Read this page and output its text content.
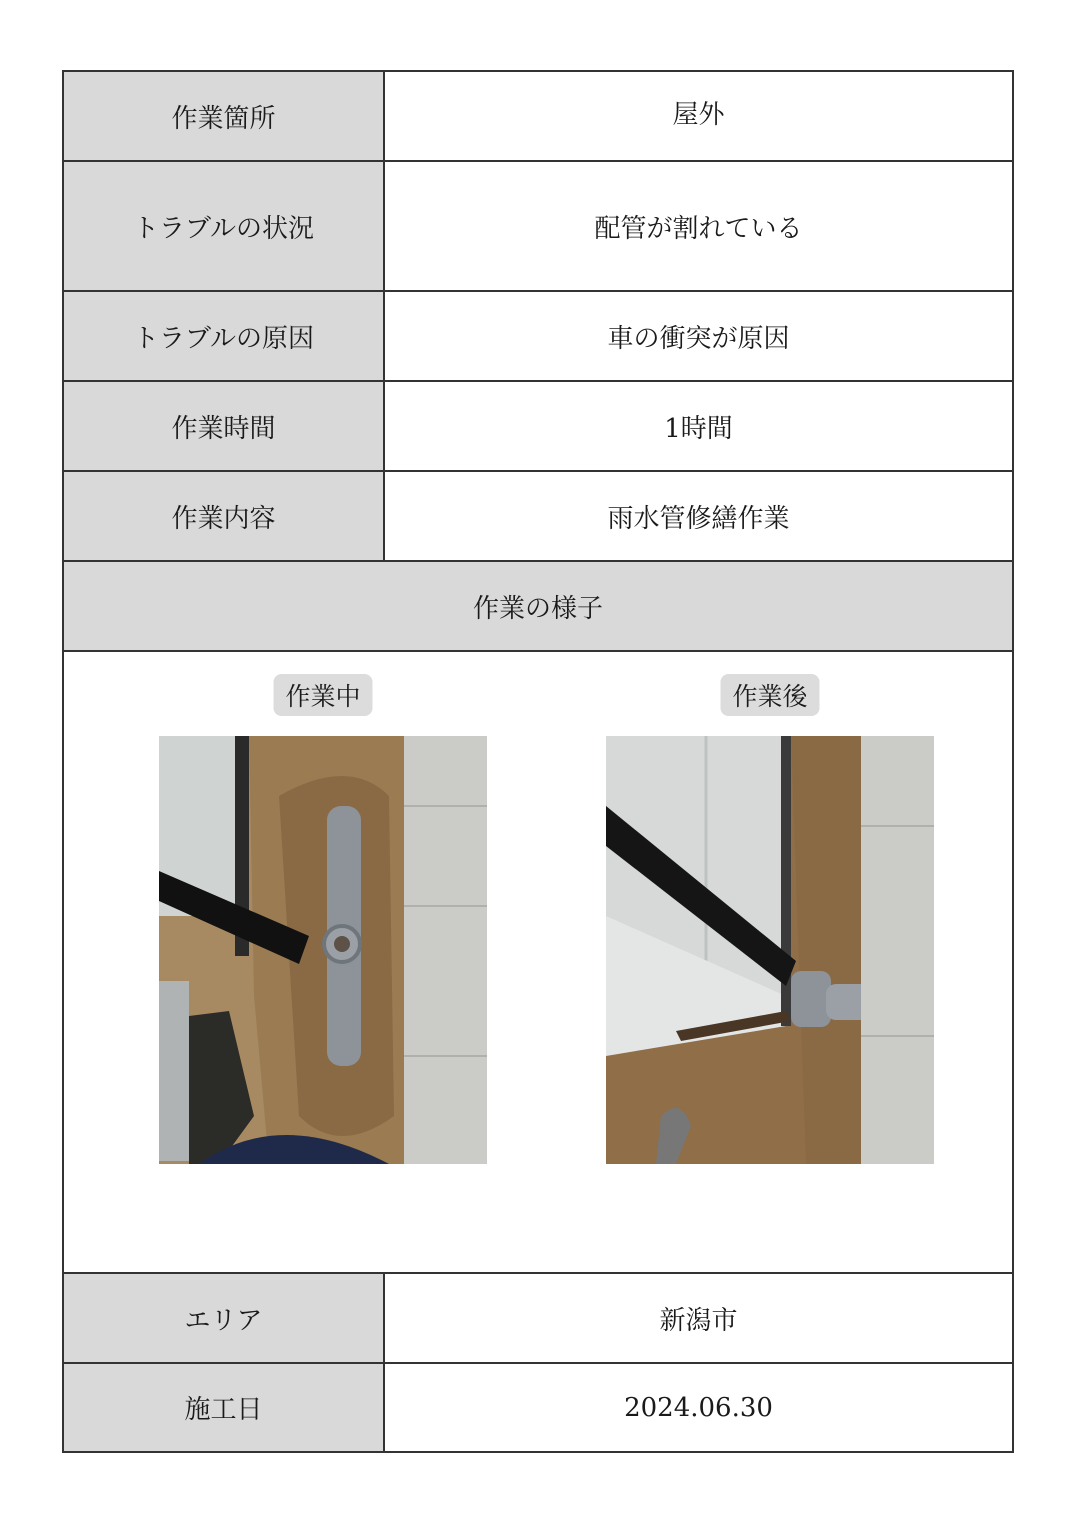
作業箇所	屋外
トラブルの状況	配管が割れている
トラブルの原因	車の衝突が原因
作業時間	1時間
作業内容	雨水管修繕作業
作業の様子
作業中	作業後
エリア	新潟市
施工日	2024.06.30
